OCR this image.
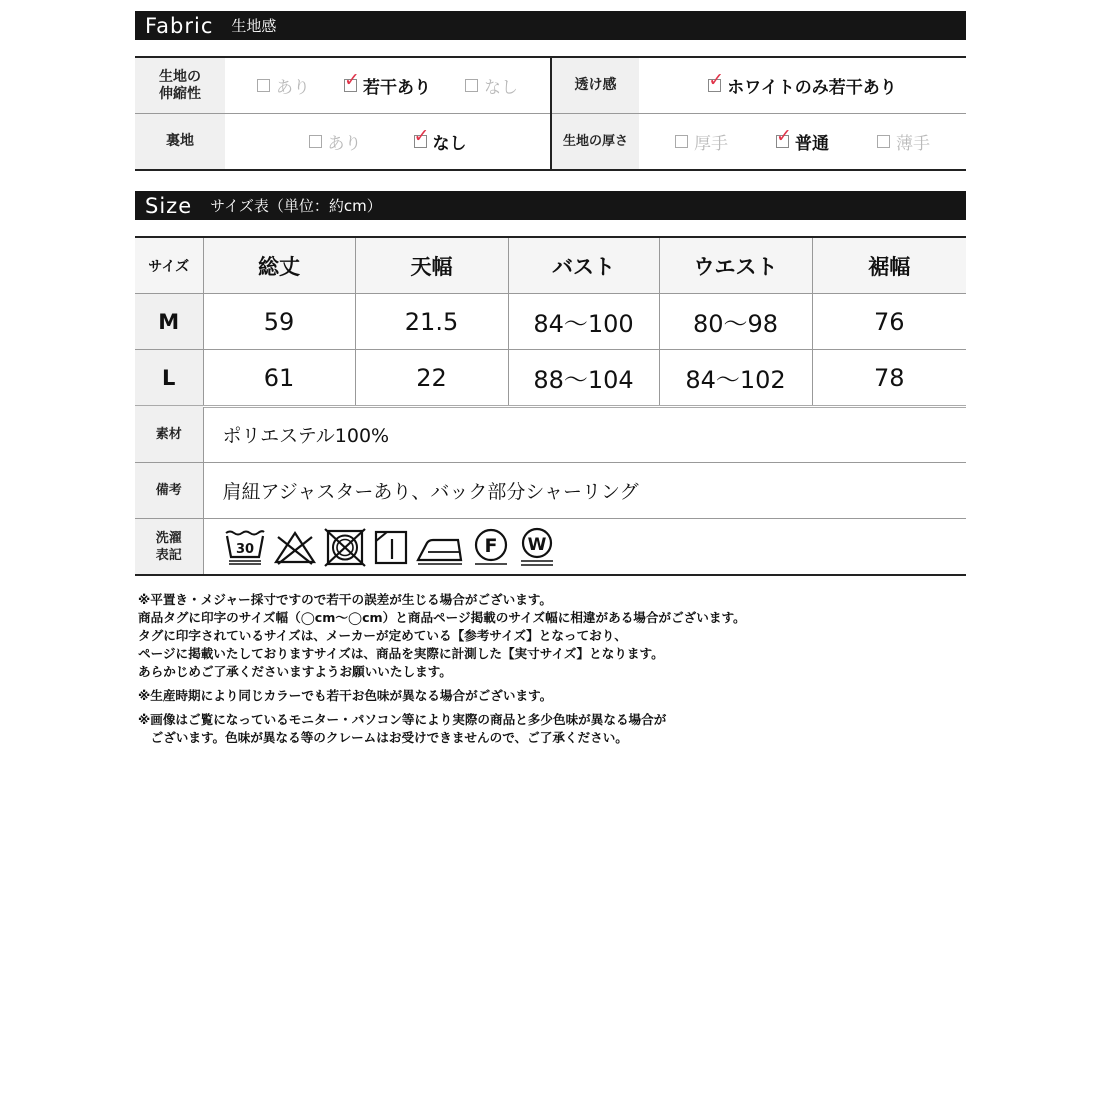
Fabric 生地感
生地の
伸縮性	あり ✓ 若干あり なし	透け感	✓ ホワイトのみ若干あり

裏地	あり ✓ なし	生地の厚さ	厚手 ✓ 普通 薄手
Size サイズ表（単位：約cm）
サイズ	総丈	天幅	バスト	ウエスト	裾幅
M	59	21.5	84〜100	80〜98	76
L	61	22	88〜104	84〜102	78
素材	ポリエステル100%
備考	肩紐アジャスターあり、バック部分シャーリング
洗濯
表記	30 F W
※平置き・メジャー採寸ですので若干の誤差が生じる場合がございます。
商品タグに印字のサイズ幅（◯cm〜◯cm）と商品ページ掲載のサイズ幅に相違がある場合がございます。
タグに印字されているサイズは、メーカーが定めている【参考サイズ】となっており、
ページに掲載いたしておりますサイズは、商品を実際に計測した【実寸サイズ】となります。
あらかじめご了承くださいますようお願いいたします。
※生産時期により同じカラーでも若干お色味が異なる場合がございます。
※画像はご覧になっているモニター・パソコン等により実際の商品と多少色味が異なる場合が
　ございます。色味が異なる等のクレームはお受けできませんので、ご了承ください。
